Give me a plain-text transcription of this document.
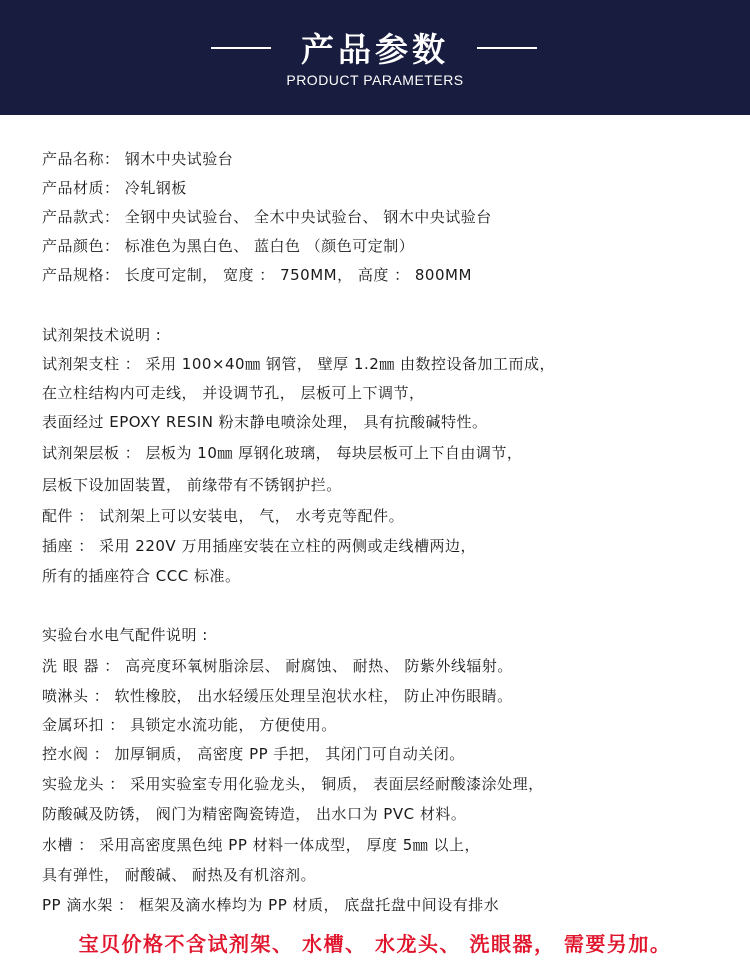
产品参数
PRODUCT PARAMETERS
产品名称： 钢木中央试验台
产品材质： 冷轧钢板
产品款式： 全钢中央试验台、 全木中央试验台、 钢木中央试验台
产品颜色： 标准色为黑白色、 蓝白色 （颜色可定制）
产品规格： 长度可定制， 宽度 ： 750MM， 高度 ： 800MM
试剂架技术说明 :
试剂架支柱 ： 采用 100×40㎜ 钢管， 壁厚 1.2㎜ 由数控设备加工而成，
在立柱结构内可走线， 并设调节孔， 层板可上下调节，
表面经过 EPOXY RESIN 粉末静电喷涂处理， 具有抗酸碱特性。
试剂架层板 ： 层板为 10㎜ 厚钢化玻璃， 每块层板可上下自由调节，
层板下设加固装置， 前缘带有不锈钢护拦。
配件 ： 试剂架上可以安装电， 气， 水考克等配件。
插座 ： 采用 220V 万用插座安装在立柱的两侧或走线槽两边，
所有的插座符合 CCC 标准。
实验台水电气配件说明 :
洗 眼 器 ： 高亮度环氧树脂涂层、 耐腐蚀、 耐热、 防紫外线辐射。
喷淋头 ： 软性橡胶， 出水轻缓压处理呈泡状水柱， 防止冲伤眼睛。
金属环扣 ： 具锁定水流功能， 方便使用。
控水阀 ： 加厚铜质， 高密度 PP 手把， 其闭门可自动关闭。
实验龙头 ： 采用实验室专用化验龙头， 铜质， 表面层经耐酸漆涂处理，
防酸碱及防锈， 阀门为精密陶瓷铸造， 出水口为 PVC 材料。
水槽 ： 采用高密度黑色纯 PP 材料一体成型， 厚度 5㎜ 以上，
具有弹性， 耐酸碱、 耐热及有机溶剂。
PP 滴水架 ： 框架及滴水棒均为 PP 材质， 底盘托盘中间设有排水
宝贝价格不含试剂架、 水槽、 水龙头、 洗眼器， 需要另加。
